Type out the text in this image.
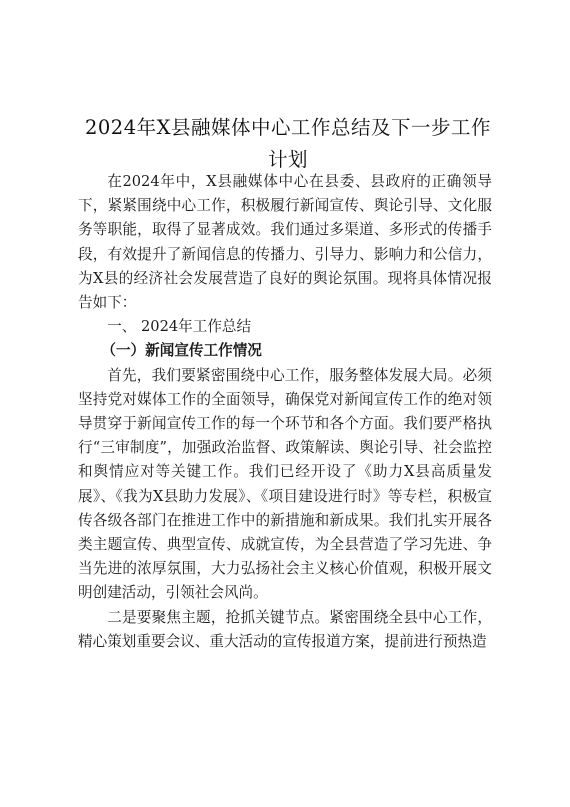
2024年X县融媒体中心工作总结及下一步工作计划

在2024年中，X县融媒体中心在县委、县政府的正确领导下，紧紧围绕中心工作，积极履行新闻宣传、舆论引导、文化服务等职能，取得了显著成效。我们通过多渠道、多形式的传播手段，有效提升了新闻信息的传播力、引导力、影响力和公信力，为X县的经济社会发展营造了良好的舆论氛围。现将具体情况报告如下：

一、 2024年工作总结

（一）新闻宣传工作情况

首先，我们要紧密围绕中心工作，服务整体发展大局。必须坚持党对媒体工作的全面领导，确保党对新闻宣传工作的绝对领导贯穿于新闻宣传工作的每一个环节和各个方面。我们要严格执行“三审制度”，加强政治监督、政策解读、舆论引导、社会监控和舆情应对等关键工作。我们已经开设了《助力X县高质量发展》、《我为X县助力发展》、《项目建设进行时》等专栏，积极宣传各级各部门在推进工作中的新措施和新成果。我们扎实开展各类主题宣传、典型宣传、成就宣传，为全县营造了学习先进、争当先进的浓厚氛围，大力弘扬社会主义核心价值观，积极开展文明创建活动，引领社会风尚。

二是要聚焦主题，抢抓关键节点。紧密围绕全县中心工作，精心策划重要会议、重大活动的宣传报道方案，提前进行预热造
